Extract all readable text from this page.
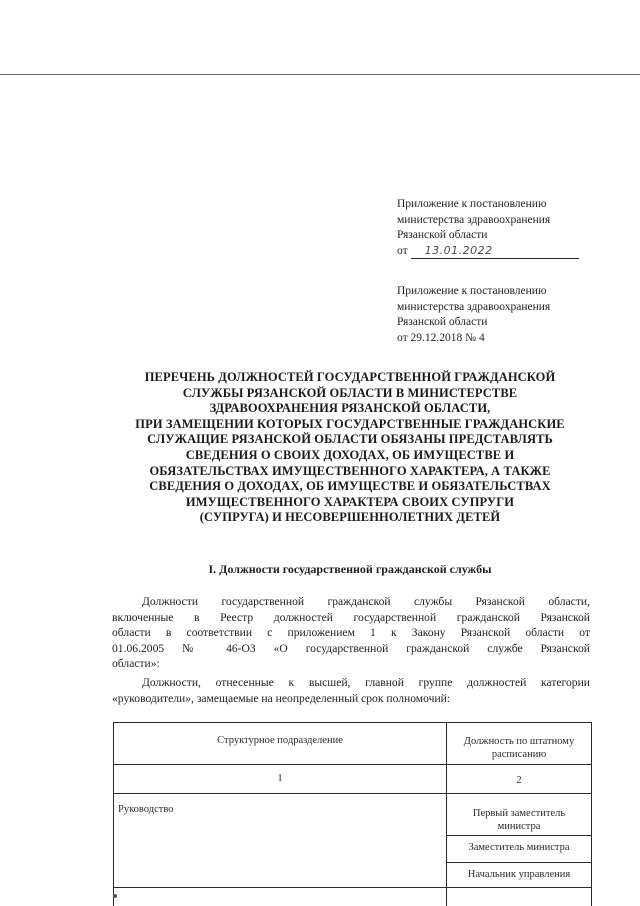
Приложение к постановлению
министерства здравоохранения
Рязанской области
от 13.01.2022
Приложение к постановлению
министерства здравоохранения
Рязанской области
от 29.12.2018 № 4
ПЕРЕЧЕНЬ ДОЛЖНОСТЕЙ ГОСУДАРСТВЕННОЙ ГРАЖДАНСКОЙ
СЛУЖБЫ РЯЗАНСКОЙ ОБЛАСТИ В МИНИСТЕРСТВЕ
ЗДРАВООХРАНЕНИЯ РЯЗАНСКОЙ ОБЛАСТИ,
ПРИ ЗАМЕЩЕНИИ КОТОРЫХ ГОСУДАРСТВЕННЫЕ ГРАЖДАНСКИЕ
СЛУЖАЩИЕ РЯЗАНСКОЙ ОБЛАСТИ ОБЯЗАНЫ ПРЕДСТАВЛЯТЬ
СВЕДЕНИЯ О СВОИХ ДОХОДАХ, ОБ ИМУЩЕСТВЕ И
ОБЯЗАТЕЛЬСТВАХ ИМУЩЕСТВЕННОГО ХАРАКТЕРА, А ТАКЖЕ
СВЕДЕНИЯ О ДОХОДАХ, ОБ ИМУЩЕСТВЕ И ОБЯЗАТЕЛЬСТВАХ
ИМУЩЕСТВЕННОГО ХАРАКТЕРА СВОИХ СУПРУГИ
(СУПРУГА) И НЕСОВЕРШЕННОЛЕТНИХ ДЕТЕЙ
I. Должности государственной гражданской службы
Должности государственной гражданской службы Рязанской области,
включенные в Реестр должностей государственной гражданской Рязанской
области в соответствии с приложением 1 к Закону Рязанской области от
01.06.2005 № 46-ОЗ «О государственной гражданской службе Рязанской
области»:
Должности, отнесенные к высшей, главной группе должностей категории
«руководители», замещаемые на неопределенный срок полномочий:
Структурное подразделение	Должность по штатному
расписанию
1	2
Руководство	Первый заместитель
министра
Заместитель министра
Начальник управления
